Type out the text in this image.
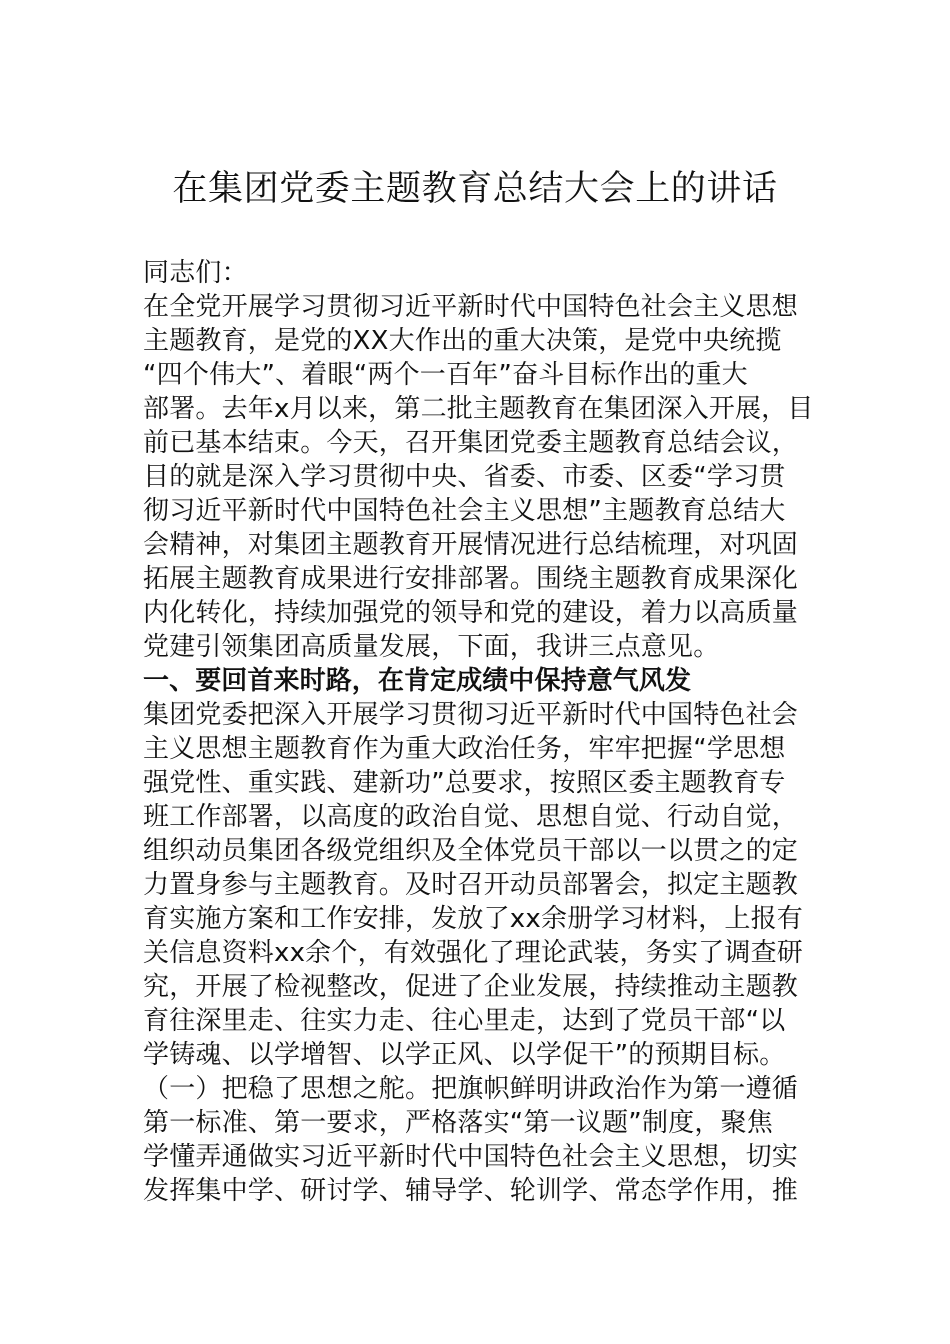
在集团党委主题教育总结大会上的讲话
同志们：
在全党开展学习贯彻习近平新时代中国特色社会主义思想
主题教育，是党的XX大作出的重大决策，是党中央统揽
“四个伟大”、着眼“两个一百年”奋斗目标作出的重大
部署。去年x月以来，第二批主题教育在集团深入开展，目
前已基本结束。今天，召开集团党委主题教育总结会议，
目的就是深入学习贯彻中央、省委、市委、区委“学习贯
彻习近平新时代中国特色社会主义思想”主题教育总结大
会精神，对集团主题教育开展情况进行总结梳理，对巩固
拓展主题教育成果进行安排部署。围绕主题教育成果深化
内化转化，持续加强党的领导和党的建设，着力以高质量
党建引领集团高质量发展，下面，我讲三点意见。
一、要回首来时路，在肯定成绩中保持意气风发
集团党委把深入开展学习贯彻习近平新时代中国特色社会
主义思想主题教育作为重大政治任务，牢牢把握“学思想
强党性、重实践、建新功”总要求，按照区委主题教育专
班工作部署，以高度的政治自觉、思想自觉、行动自觉，
组织动员集团各级党组织及全体党员干部以一以贯之的定
力置身参与主题教育。及时召开动员部署会，拟定主题教
育实施方案和工作安排，发放了xx余册学习材料，上报有
关信息资料xx余个，有效强化了理论武装，务实了调查研
究，开展了检视整改，促进了企业发展，持续推动主题教
育往深里走、往实力走、往心里走，达到了党员干部“以
学铸魂、以学增智、以学正风、以学促干”的预期目标。
（一）把稳了思想之舵。把旗帜鲜明讲政治作为第一遵循
第一标准、第一要求，严格落实“第一议题”制度，聚焦
学懂弄通做实习近平新时代中国特色社会主义思想，切实
发挥集中学、研讨学、辅导学、轮训学、常态学作用，推
